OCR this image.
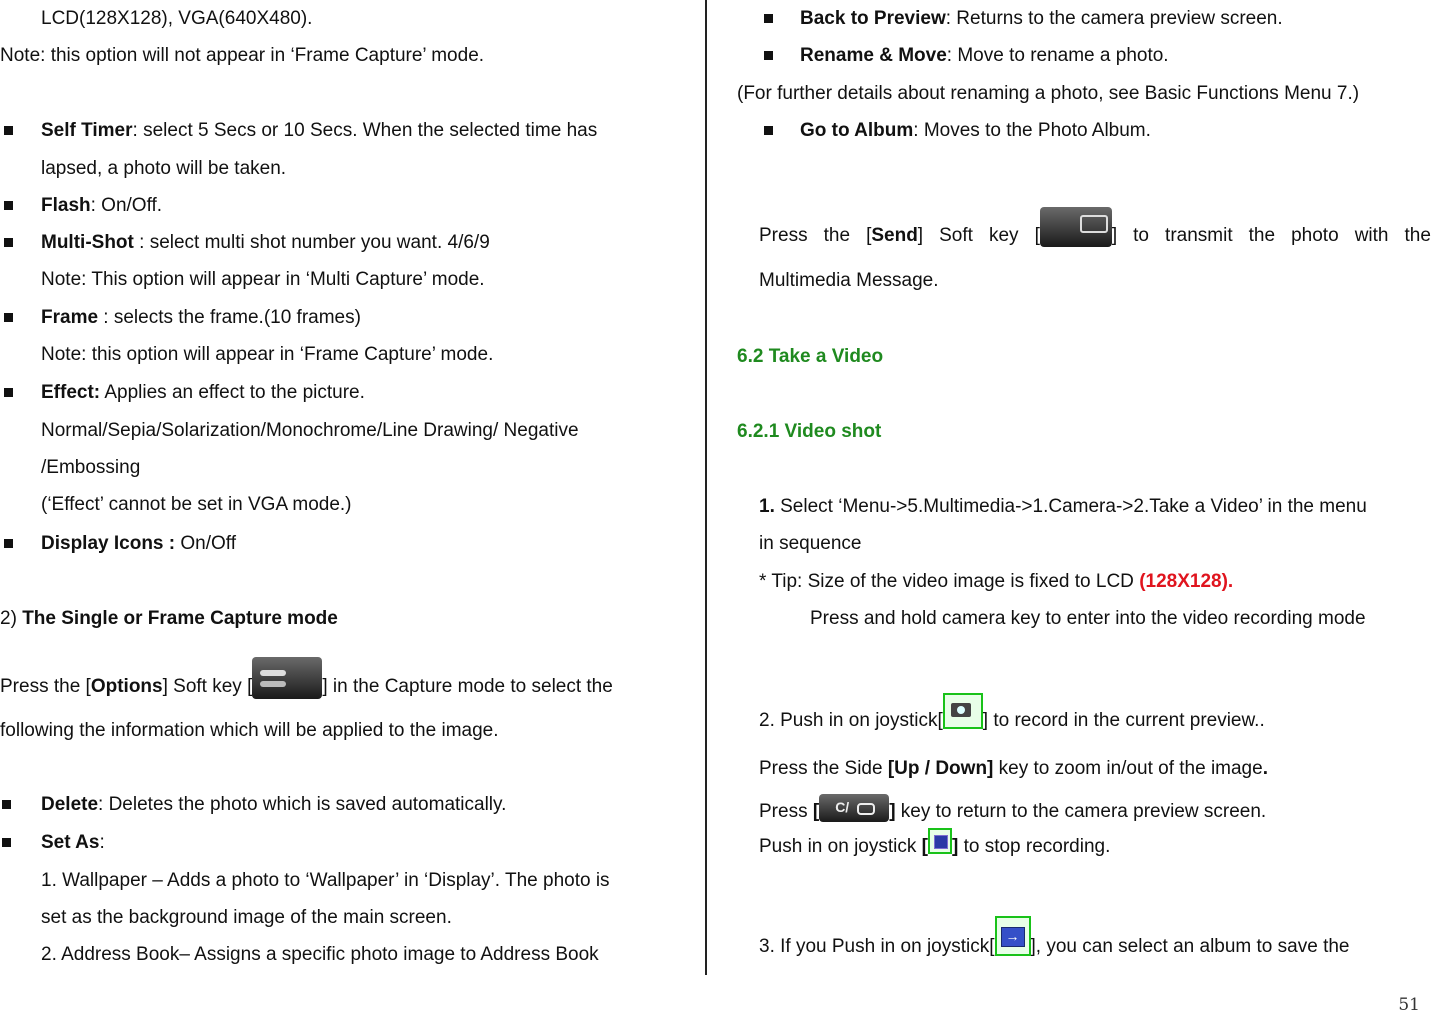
LCD(128X128), VGA(640X480).
Note: this option will not appear in ‘Frame Capture’ mode.
Self Timer: select 5 Secs or 10 Secs. When the selected time has
lapsed, a photo will be taken.
Flash: On/Off.
Multi-Shot : select multi shot number you want. 4/6/9
Note: This option will appear in ‘Multi Capture’ mode.
Frame : selects the frame.(10 frames)
Note: this option will appear in ‘Frame Capture’ mode.
Effect: Applies an effect to the picture.
Normal/Sepia/Solarization/Monochrome/Line Drawing/ Negative
/Embossing
(‘Effect’ cannot be set in VGA mode.)
Display Icons : On/Off
2) The Single or Frame Capture mode
Press the [Options] Soft key [	] in the Capture mode to select the
following the information which will be applied to the image.
Delete: Deletes the photo which is saved automatically.
Set As:
1. Wallpaper – Adds a photo to ‘Wallpaper’ in ‘Display’. The photo is
set as the background image of the main screen.
2. Address Book– Assigns a specific photo image to Address Book
Back to Preview: Returns to the camera preview screen.
Rename & Move: Move to rename a photo.
(For further details about renaming a photo, see Basic Functions Menu 7.)
Go to Album: Moves to the Photo Album.
Press the [Send] Soft key [	] to transmit the photo with the
Multimedia Message.
6.2 Take a Video
6.2.1 Video shot
1. Select ‘Menu->5.Multimedia->1.Camera->2.Take a Video’ in the menu
in sequence
* Tip: Size of the video image is fixed to LCD (128X128).
Press and hold camera key to enter into the video recording mode
2. Push in on joystick[ ] to record in the current preview..
Press the Side [Up / Down] key to zoom in/out of the image.
Press [ C/ ] key to return to the camera preview screen.
Push in on joystick [ ] to stop recording.
3. If you Push in on joystick[
→
], you can select an album to save the
51
